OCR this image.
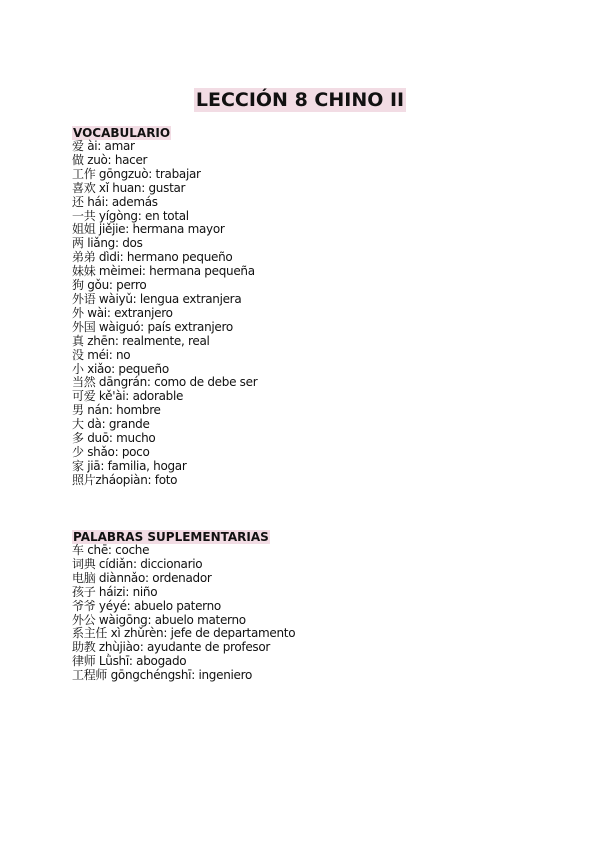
LECCIÓN 8 CHINO II
VOCABULARIO
爱 ài: amar
做 zuò: hacer
工作 gōngzuò: trabajar
喜欢 xǐ huan: gustar
还 hái: además
一共 yígòng: en total
姐姐 jiějie: hermana mayor
两 liǎng: dos
弟弟 dìdi: hermano pequeño
妹妹 mèimei: hermana pequeña
狗 gǒu: perro
外语 wàiyǔ: lengua extranjera
外 wài: extranjero
外国 wàiguó: país extranjero
真 zhēn: realmente, real
没 méi: no
小 xiǎo: pequeño
当然 dāngrán: como de debe ser
可爱 kě'ài: adorable
男 nán: hombre
大 dà: grande
多 duō: mucho
少 shǎo: poco
家 jiā: familia, hogar
照片zháopiàn: foto
PALABRAS SUPLEMENTARIAS
车 chē: coche
词典 cídiǎn: diccionario
电脑 diànnǎo: ordenador
孩子 háizi: niño
爷爷 yéyé: abuelo paterno
外公 wàigōng: abuelo materno
系主任 xì zhǔrèn: jefe de departamento
助教 zhùjiào: ayudante de profesor
律师 Lǜshī: abogado
工程师 gōngchéngshī: ingeniero
